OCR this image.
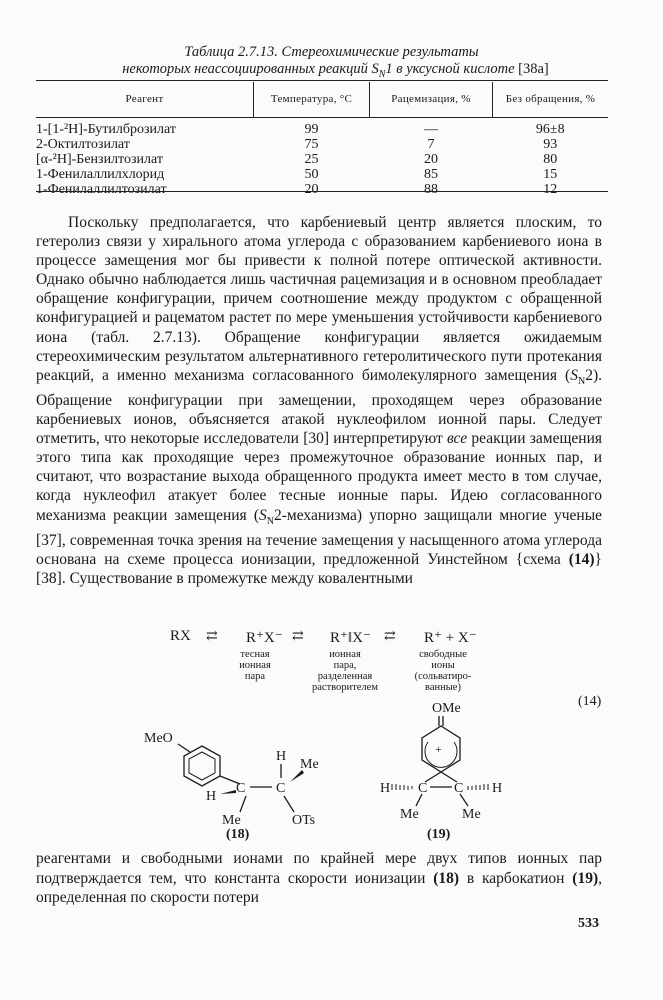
Таблица 2.7.13. Стереохимические результаты

некоторых неассоциированных реакций $S_N1$ в уксусной кислоте [38а]
Реагент	Температура, °C	Рацемизация, %	Без обращения, %
1-[1-²H]-Бутилброзилат	99	—	96±8
2-Октилтозилат	75	7	93
[α-²H]-Бензилтозилат	25	20	80
1-Фенилаллилхлорид	50	85	15
1-Фенилаллилтозилат	20	88	12

Поскольку предполагается, что карбениевый центр является плоским, то гетеролиз связи у хирального атома углерода с образованием карбениевого иона в процессе замещения мог бы привести к полной потере оптической активности. Однако обычно наблюдается лишь частичная рацемизация и в основном преобладает обращение конфигурации, причем соотношение между продуктом с обращенной конфигурацией и рацематом растет по мере уменьшения устойчивости карбениевого иона (табл. 2.7.13). Обращение конфигурации является ожидаемым стереохимическим результатом альтернативного гетеролитического пути протекания реакций, а именно механизма согласованного бимолекулярного замещения $(S_N2)$. Обращение конфигурации при замещении, проходящем через образование карбениевых ионов, объясняется атакой нуклеофилом ионной пары. Следует отметить, что некоторые исследователи [30] интерпретируют все реакции замещения этого типа как проходящие через промежуточное образование ионных пар, и считают, что возрастание выхода обращенного продукта имеет место в том случае, когда нуклеофил атакует более тесные ионные пары. Идею согласованного механизма реакции замещения $(S_N2-механизма)$ упорно защищали многие ученые [37], современная точка зрения на течение замещения у насыщенного атома углерода основана на схеме процесса ионизации, предложенной Уинстейном {схема (14)} [38]. Существование в промежутке между ковалентными

RX ⇄ R⁺X⁻ ⇄ R⁺‖X⁻ ⇄ R⁺ + X⁻
тесная
ионная
пара
ионная
пара,
разделенная
растворителем
свободные
ионы
(сольватиро-
ванные)
(14)
MeO
C
H
Me
C
H
Me
OTs
(18)
OMe
+
C C
H	H
Me	Me
(19)

реагентами и свободными ионами по крайней мере двух типов ионных пар подтверждается тем, что константа скорости ионизации (18) в карбокатион (19), определенная по скорости потери

533
